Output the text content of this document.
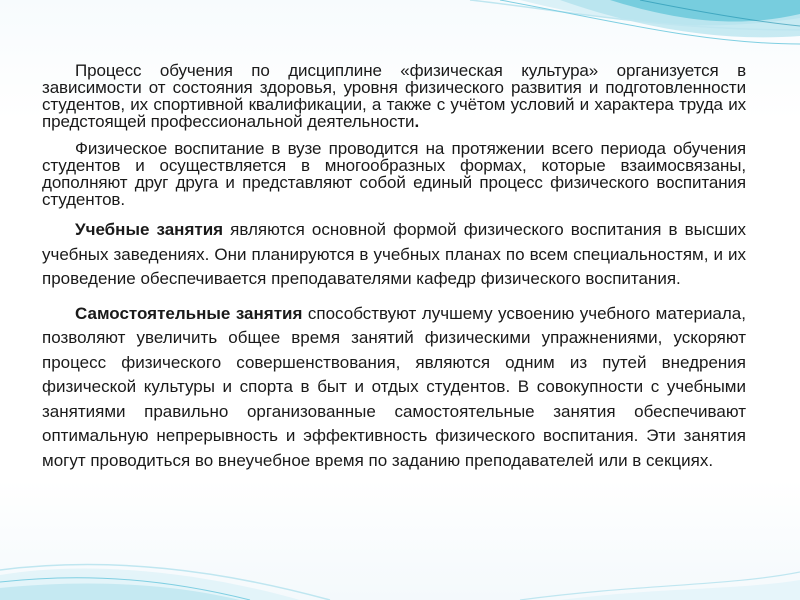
Процесс обучения по дисциплине «физическая культура» организуется в зависимости от состояния здоровья, уровня физического развития и подготовленности студентов, их спортивной квалификации, а также с учётом условий и характера труда их предстоящей профессиональной деятельности.

Физическое воспитание в вузе проводится на протяжении всего периода обучения студентов и осуществляется в многообразных формах, которые взаимосвязаны, дополняют друг друга и представляют собой единый процесс физического воспитания студентов.

Учебные занятия являются основной формой физического воспитания в высших учебных заведениях. Они планируются в учебных планах по всем специальностям, и их проведение обеспечивается преподавателями кафедр физического воспитания.

Самостоятельные занятия способствуют лучшему усвоению учебного материала, позволяют увеличить общее время занятий физическими упражнениями, ускоряют процесс физического совершенствования, являются одним из путей внедрения физической культуры и спорта в быт и отдых студентов. В совокупности с учебными занятиями правильно организованные самостоятельные занятия обеспечивают оптимальную непрерывность и эффективность физического воспитания. Эти занятия могут проводиться во внеучебное время по заданию преподавателей или в секциях.
